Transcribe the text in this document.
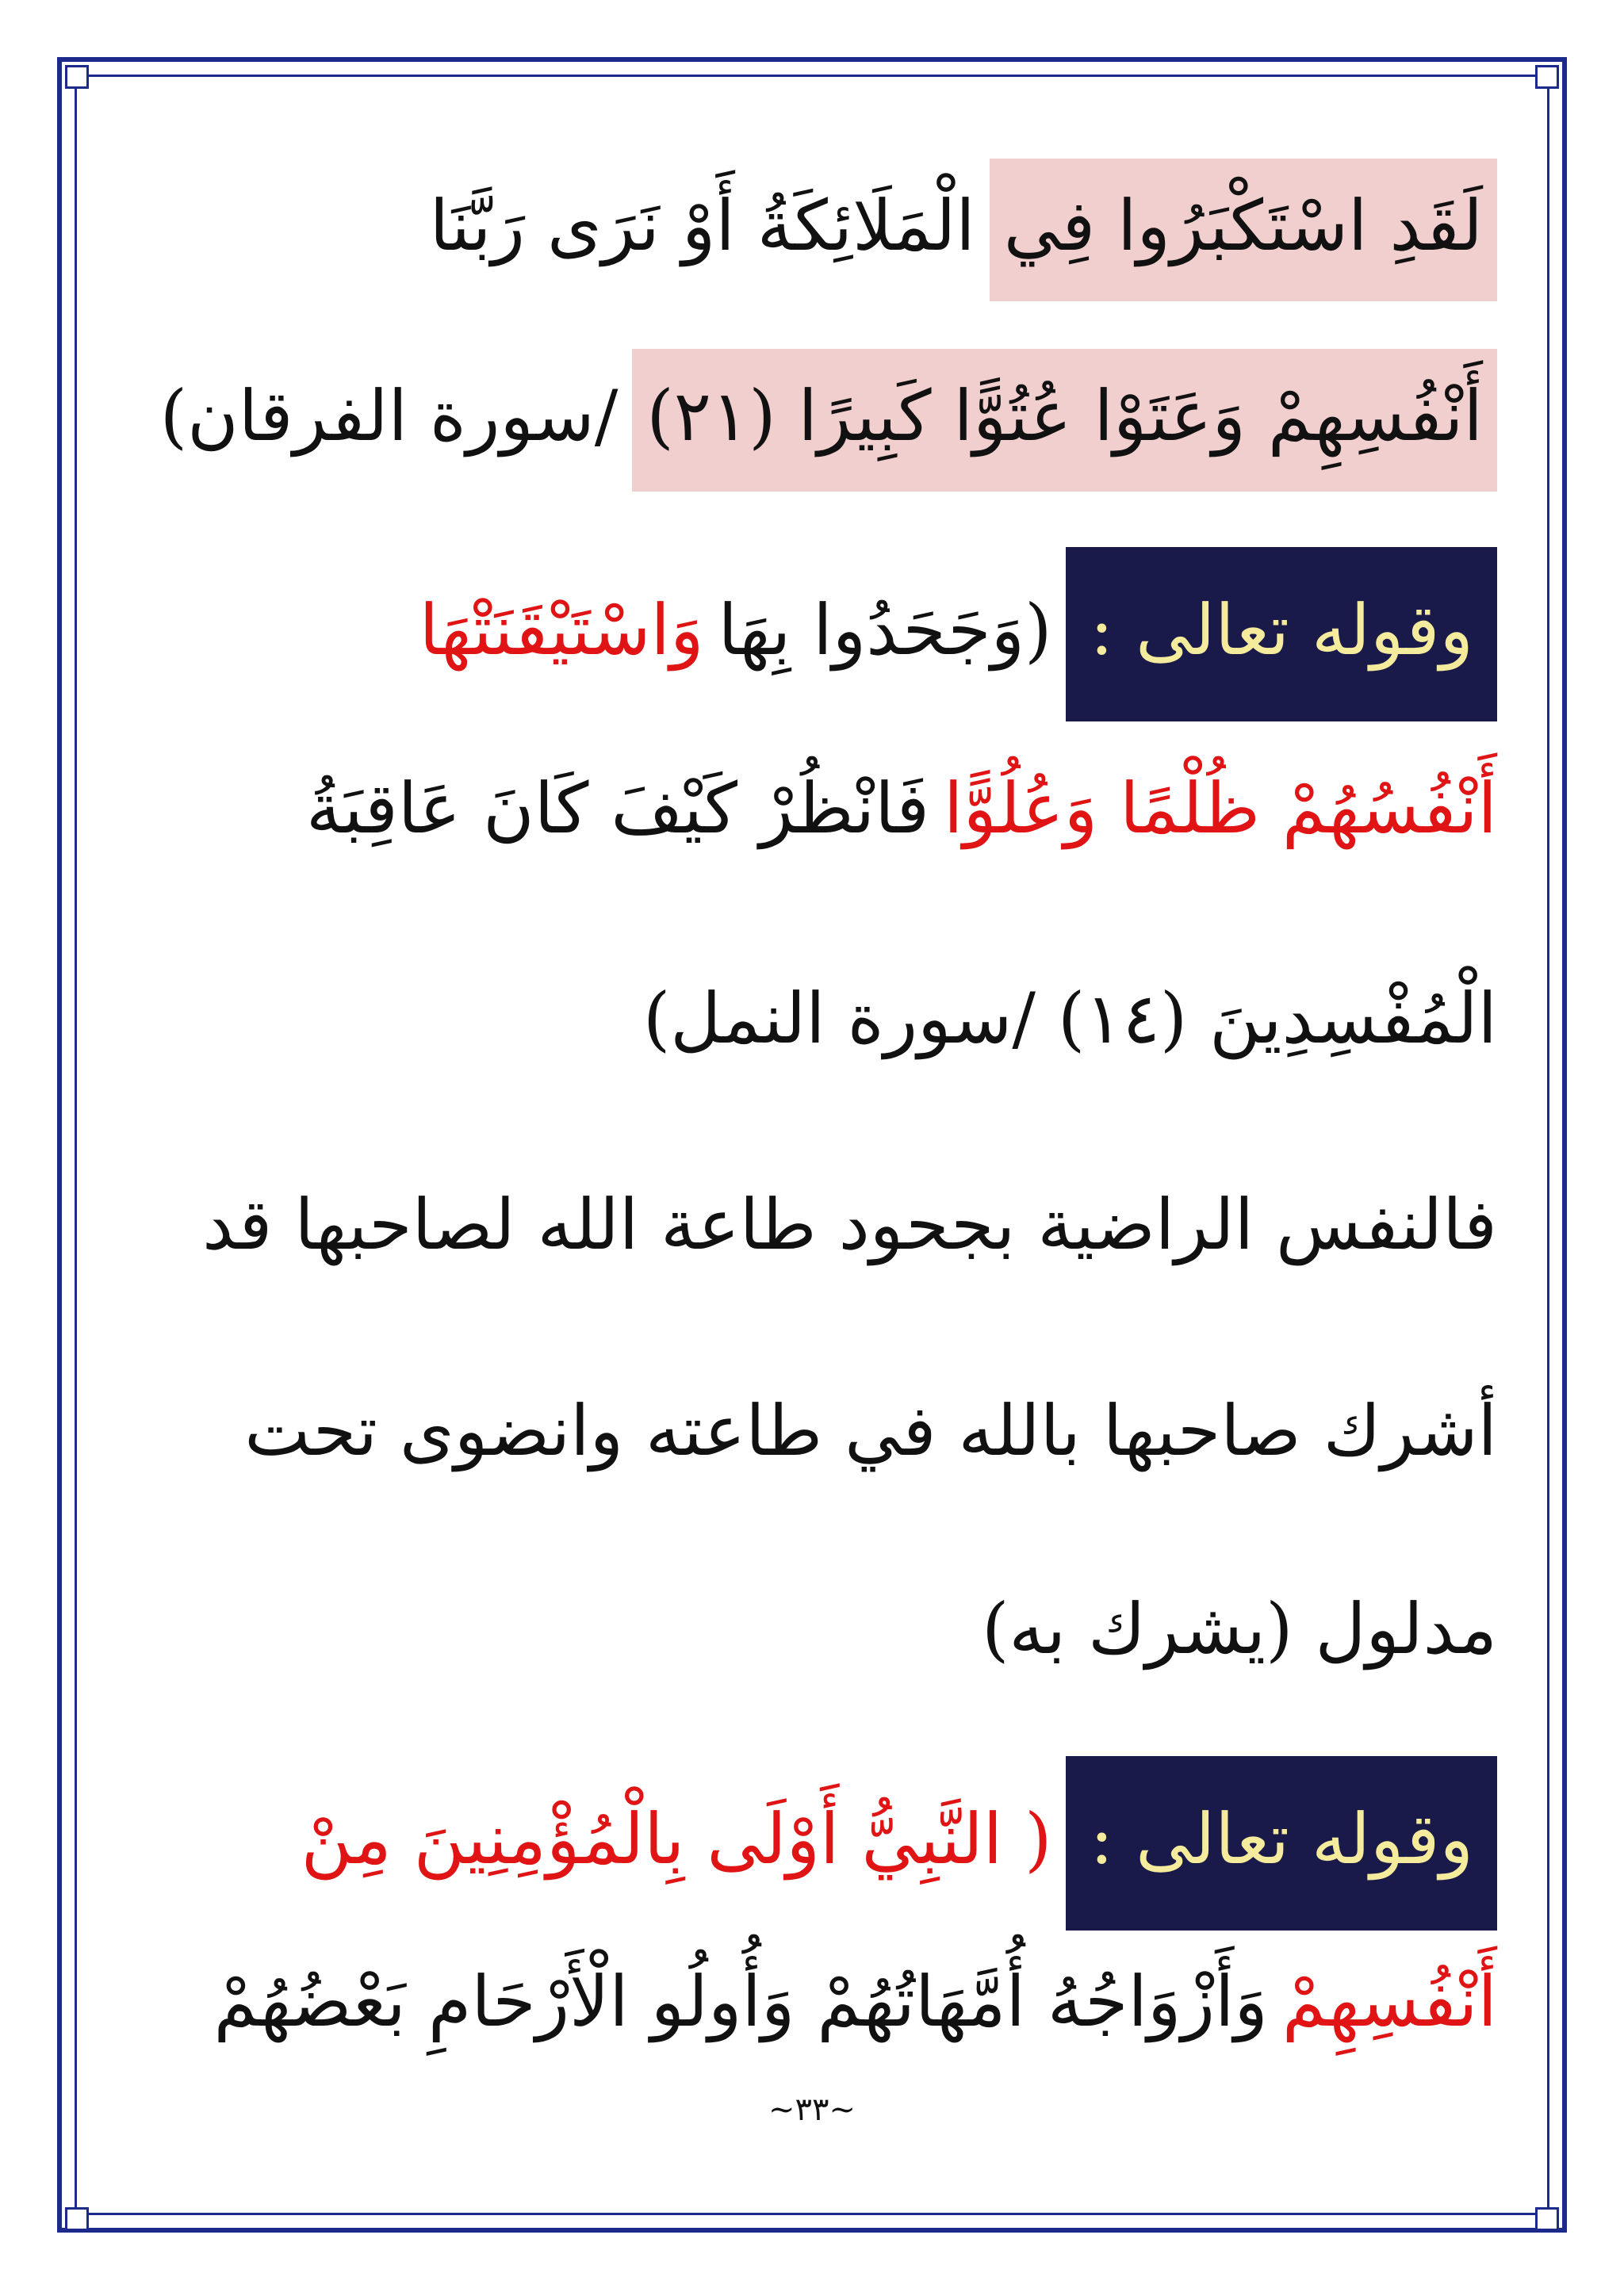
لَقَدِ اسْتَكْبَرُوا فِيالْمَلَائِكَةُ أَوْ نَرَى رَبَّنَا
أَنْفُسِهِمْ وَعَتَوْا عُتُوًّا كَبِيرًا (٢١)/سورة الفرقان)
وقوله تعالى :(وَجَحَدُوا بِهَاوَاسْتَيْقَنَتْهَا
أَنْفُسُهُمْ ظُلْمًا وَعُلُوًّافَانْظُرْ كَيْفَ كَانَ عَاقِبَةُ
الْمُفْسِدِينَ (١٤) /سورة النمل)
فالنفس الراضية بجحود طاعة الله لصاحبها قد
أشرك صاحبها بالله في طاعته وانضوى تحت
مدلول (يشرك به)
وقوله تعالى :( النَّبِيُّ أَوْلَى بِالْمُؤْمِنِينَ مِنْ
أَنْفُسِهِمْوَأَزْوَاجُهُ أُمَّهَاتُهُمْ وَأُولُو الْأَرْحَامِ بَعْضُهُمْ
~٣٣~
